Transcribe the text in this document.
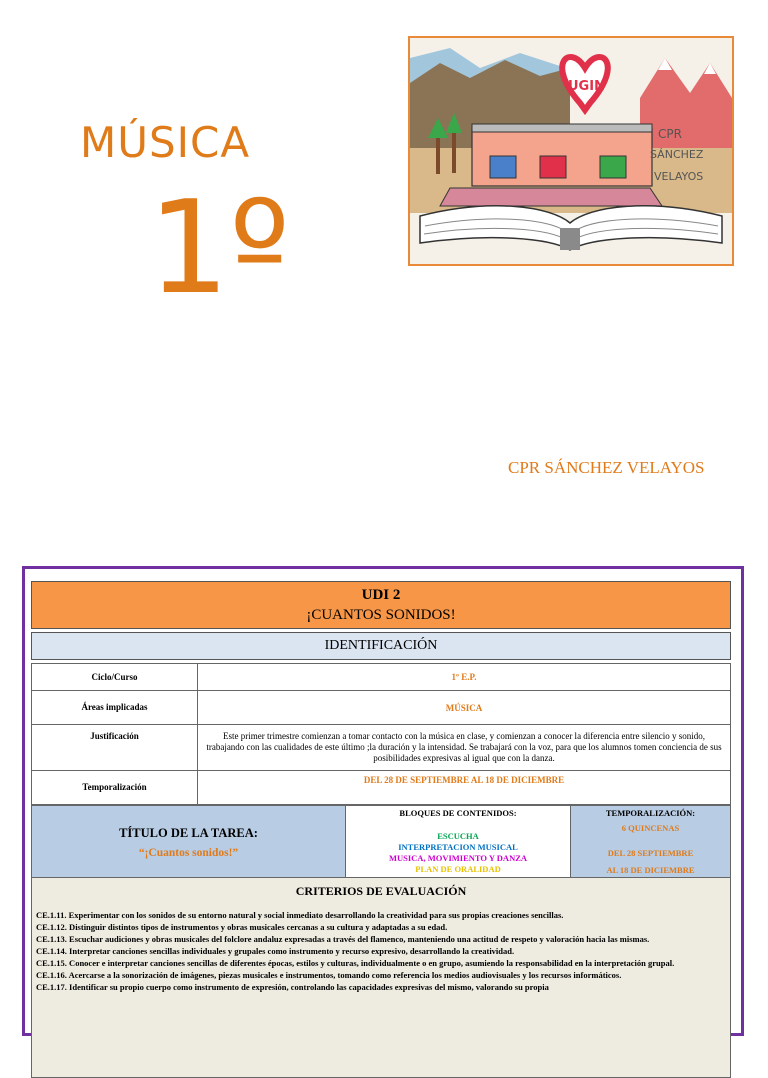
MÚSICA
1º
CPR SÁNCHEZ VELAYOS
UGIN
CPR
SÁNCHEZ
VELAYOS
UDI 2
¡CUANTOS SONIDOS!
IDENTIFICACIÓN
Ciclo/Curso	1º E.P.
Áreas implicadas	MÚSICA
Justificación	Este primer trimestre comienzan a tomar contacto con la música en clase, y comienzan a conocer la diferencia entre silencio y sonido, trabajando con las cualidades de este último ;la duración y la intensidad. Se trabajará con la voz, para que los alumnos tomen conciencia de sus posibilidades expresivas al igual que con la danza.
Temporalización	DEL 28 DE SEPTIEMBRE AL 18 DE DICIEMBRE
TÍTULO DE LA TAREA:
“¡Cuantos sonidos!”

BLOQUES DE CONTENIDOS:
ESCUCHA
INTERPRETACION MUSICAL
MUSICA, MOVIMIENTO Y DANZA
PLAN DE ORALIDAD

TEMPORALIZACIÓN:
6 QUINCENAS
DEL 28 SEPTIEMBRE
AL 18 DE DICIEMBRE
CRITERIOS DE EVALUACIÓN

CE.1.11. Experimentar con los sonidos de su entorno natural y social inmediato desarrollando la creatividad para sus propias creaciones sencillas.

CE.1.12. Distinguir distintos tipos de instrumentos y obras musicales cercanas a su cultura y adaptadas a su edad.

CE.1.13. Escuchar audiciones y obras musicales del folclore andaluz expresadas a través del flamenco, manteniendo una actitud de respeto y valoración hacia las mismas.

CE.1.14. Interpretar canciones sencillas individuales y grupales como instrumento y recurso expresivo, desarrollando la creatividad.

CE.1.15. Conocer e interpretar canciones sencillas de diferentes épocas, estilos y culturas, individualmente o en grupo, asumiendo la responsabilidad en la interpretación grupal.

CE.1.16. Acercarse a la sonorización de imágenes, piezas musicales e instrumentos, tomando como referencia los medios audiovisuales y los recursos informáticos.

CE.1.17. Identificar su propio cuerpo como instrumento de expresión, controlando las capacidades expresivas del mismo, valorando su propia
